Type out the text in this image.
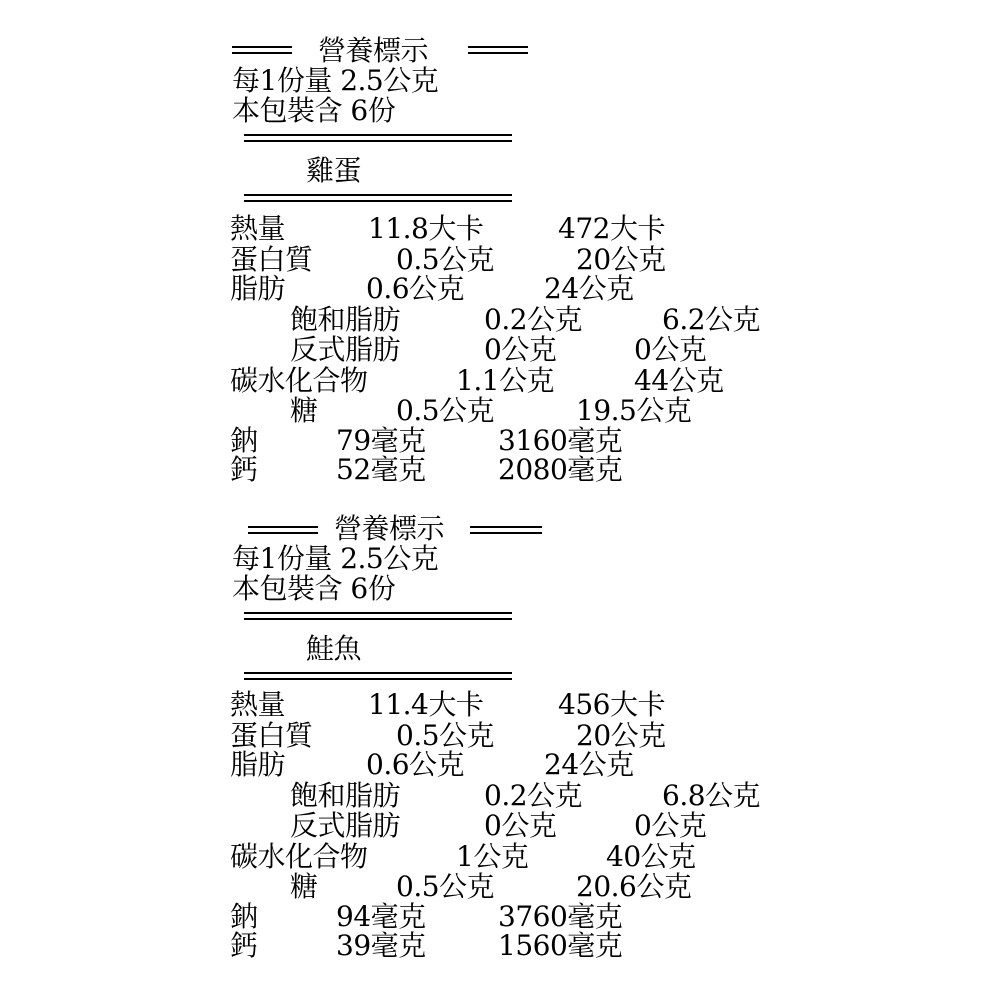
營養標示
每1份量 2.5公克
本包裝含 6份
雞蛋
熱量	11.8大卡	472大卡
蛋白質	0.5公克	20公克
脂肪	0.6公克	24公克
飽和脂肪	0.2公克	6.2公克
反式脂肪	0公克	0公克
碳水化合物	1.1公克	44公克
糖	0.5公克	19.5公克
鈉	79毫克	3160毫克
鈣	52毫克	2080毫克
營養標示
每1份量 2.5公克
本包裝含 6份
鮭魚
熱量	11.4大卡	456大卡
蛋白質	0.5公克	20公克
脂肪	0.6公克	24公克
飽和脂肪	0.2公克	6.8公克
反式脂肪	0公克	0公克
碳水化合物	1公克	40公克
糖	0.5公克	20.6公克
鈉	94毫克	3760毫克
鈣	39毫克	1560毫克
